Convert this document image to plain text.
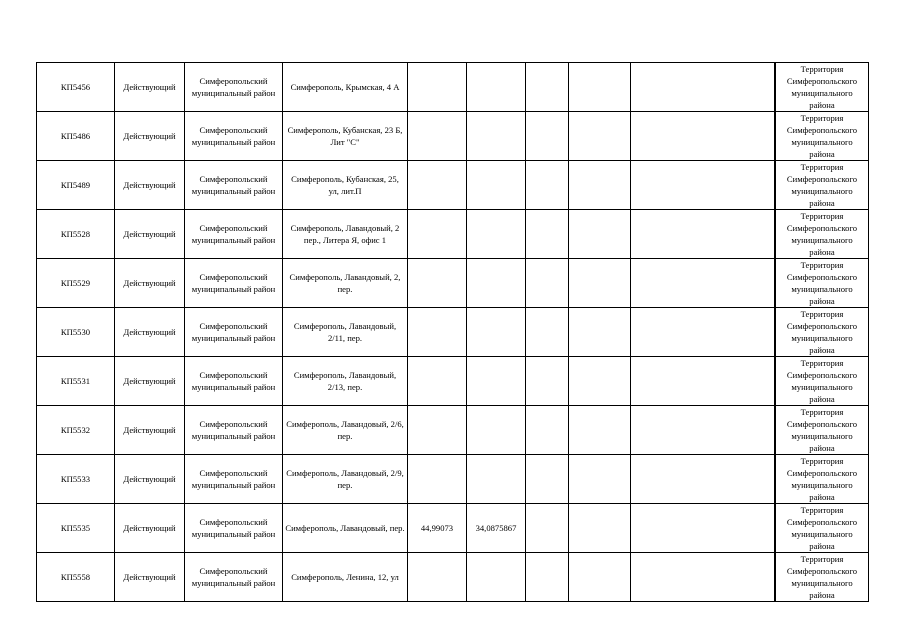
КП5456	Действующий	Симферопольский муниципальный район	Симферополь, Крымская, 4 А							Территория Симферопольского муниципального района
КП5486	Действующий	Симферопольский муниципальный район	Симферополь, Кубанская, 23 Б, Лит "С"							Территория Симферопольского муниципального района
КП5489	Действующий	Симферопольский муниципальный район	Симферополь, Кубанская, 25, ул, лит.П							Территория Симферопольского муниципального района
КП5528	Действующий	Симферопольский муниципальный район	Симферополь, Лавандовый, 2 пер., Литера Я, офис 1							Территория Симферопольского муниципального района
КП5529	Действующий	Симферопольский муниципальный район	Симферополь, Лавандовый, 2, пер.							Территория Симферопольского муниципального района
КП5530	Действующий	Симферопольский муниципальный район	Симферополь, Лавандовый, 2/11, пер.							Территория Симферопольского муниципального района
КП5531	Действующий	Симферопольский муниципальный район	Симферополь, Лавандовый, 2/13, пер.							Территория Симферопольского муниципального района
КП5532	Действующий	Симферопольский муниципальный район	Симферополь, Лавандовый, 2/6, пер.							Территория Симферопольского муниципального района
КП5533	Действующий	Симферопольский муниципальный район	Симферополь, Лавандовый, 2/9, пер.							Территория Симферопольского муниципального района
КП5535	Действующий	Симферопольский муниципальный район	Симферополь, Лавандовый, пер.	44,99073	34,0875867					Территория Симферопольского муниципального района
КП5558	Действующий	Симферопольский муниципальный район	Симферополь, Ленина, 12, ул							Территория Симферопольского муниципального района
